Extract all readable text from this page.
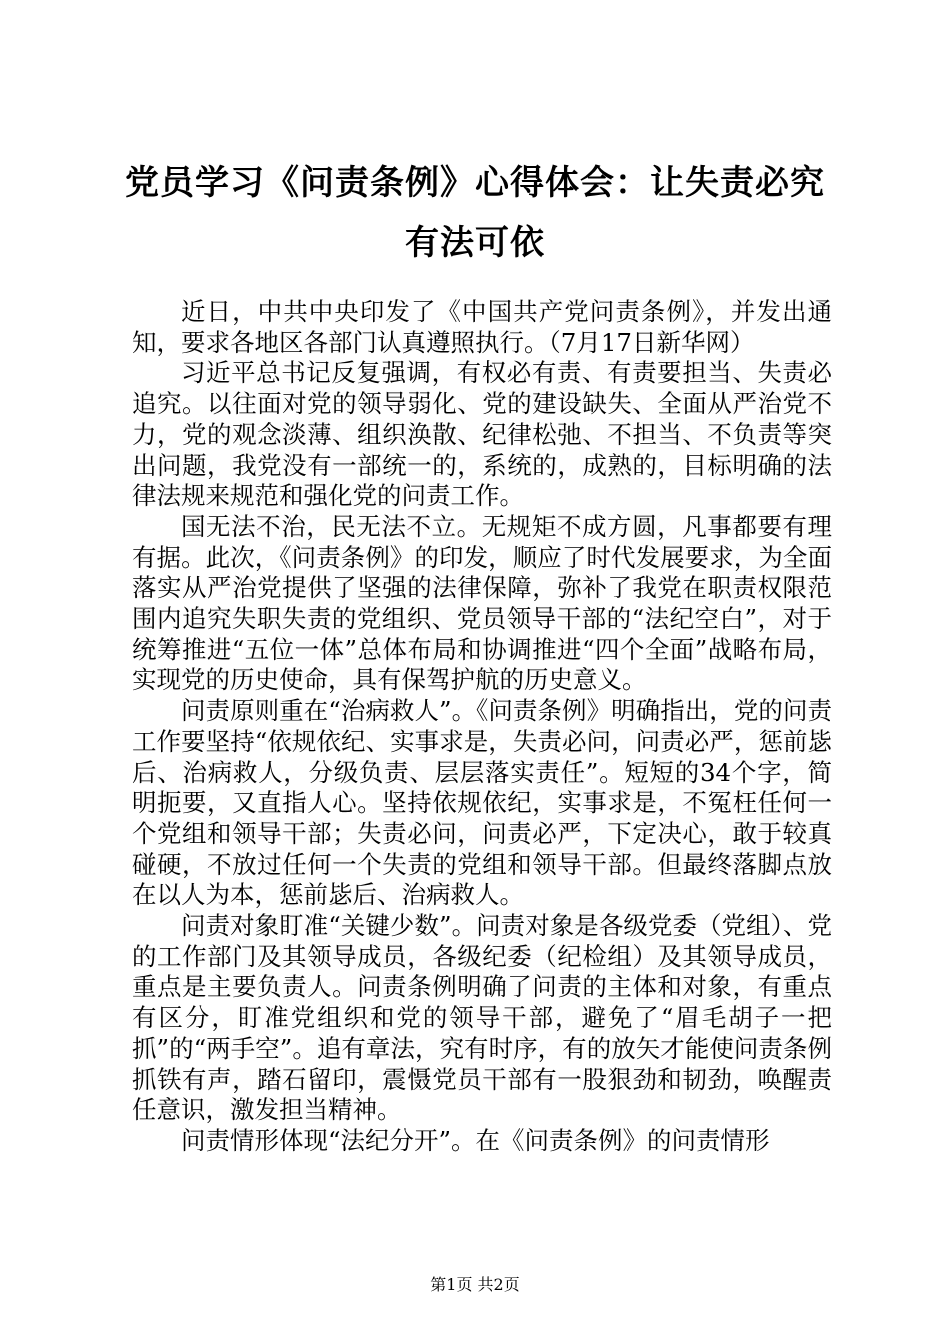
党员学习《问责条例》心得体会：让失责必究
有法可依

近日，中共中央印发了《中国共产党问责条例》，并发出通知，要求各地区各部门认真遵照执行。（7月17日新华网）

习近平总书记反复强调，有权必有责、有责要担当、失责必追究。以往面对党的领导弱化、党的建设缺失、全面从严治党不力，党的观念淡薄、组织涣散、纪律松弛、不担当、不负责等突出问题，我党没有一部统一的，系统的，成熟的，目标明确的法律法规来规范和强化党的问责工作。

国无法不治，民无法不立。无规矩不成方圆，凡事都要有理有据。此次，《问责条例》的印发，顺应了时代发展要求，为全面落实从严治党提供了坚强的法律保障，弥补了我党在职责权限范围内追究失职失责的党组织、党员领导干部的“法纪空白”，对于统筹推进“五位一体”总体布局和协调推进“四个全面”战略布局，实现党的历史使命，具有保驾护航的历史意义。

问责原则重在“治病救人”。《问责条例》明确指出，党的问责工作要坚持“依规依纪、实事求是，失责必问，问责必严，惩前毖后、治病救人，分级负责、层层落实责任”。短短的34个字，简明扼要，又直指人心。坚持依规依纪，实事求是，不冤枉任何一个党组和领导干部；失责必问，问责必严，下定决心，敢于较真碰硬，不放过任何一个失责的党组和领导干部。但最终落脚点放在以人为本，惩前毖后、治病救人。

问责对象盯准“关键少数”。问责对象是各级党委（党组）、党的工作部门及其领导成员，各级纪委（纪检组）及其领导成员，重点是主要负责人。问责条例明确了问责的主体和对象，有重点有区分，盯准党组织和党的领导干部，避免了“眉毛胡子一把抓”的“两手空”。追有章法，究有时序，有的放矢才能使问责条例抓铁有声，踏石留印，震慑党员干部有一股狠劲和韧劲，唤醒责任意识，激发担当精神。

问责情形体现“法纪分开”。在《问责条例》的问责情形

第1页 共2页
